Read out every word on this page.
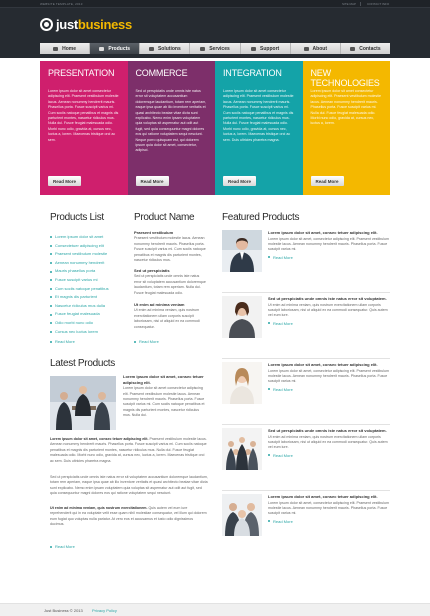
WEBSITE TEMPLATE, 2013	SITE MAP	CONTACT INFO
justbusiness
Home	Products	Solutions	Services	Support	About	Contacts
PRESENTATION

Lorem ipsum dolor sit amet consectetur adipiscing elit. Praesent vestibulum molestie lacus. Aenean nonummy hendrerit mauris. Phasellus porta. Fusce suscipit varius mi. Cum sociis natoque penatibus et magnis dis parturient montes, nascetur ridiculus mus. Nulla dui. Fusce feugiat malesuada odio. Morbi nunc odio, gravida at, cursus nec, luctus a, lorem. Maecenas tristique orci ac sem.

Read More
COMMERCE

Sed ut perspiciatis unde omnis iste natus error sit voluptatem accusantium doloremque laudantium, totam rem aperiam, eaque ipsa quae ab illo inventore veritatis et quasi architecto beatae vitae dicta sunt explicabo. Nemo enim ipsam voluptatem quia voluptas sit aspernatur aut odit aut fugit, sed quia consequuntur magni dolores eos qui ratione voluptatem sequi nesciunt. Neque porro quisquam est, qui dolorem ipsum quia dolor sit amet, consectetur, adipisci.

Read More
INTEGRATION

Lorem ipsum dolor sit amet consectetur adipiscing elit. Praesent vestibulum molestie lacus. Aenean nonummy hendrerit mauris. Phasellus porta. Fusce suscipit varius mi. Cum sociis natoque penatibus et magnis dis parturient montes, nascetur ridiculus mus. Nulla dui. Fusce feugiat malesuada odio. Morbi nunc odio, gravida at, cursus nec, luctus a, lorem. Maecenas tristique orci ac sem. Duis ultricies pharetra magna.

Read More
NEW TECHNOLOGIES

Lorem ipsum dolor sit amet consectetur adipiscing elit. Praesent vestibulum molestie lacus. Aenean nonummy hendrerit mauris. Phasellus porta. Fusce suscipit varius mi. Nulla dui. Fusce feugiat malesuada odio. Morbi nunc odio, gravida at, cursus nec, luctus a, lorem.

Read More
Products List
Lorem ipsum dolor sit amet
Consectetuer adipiscing elit
Praesent vestibulum molestie
Aenean nonummy hendrerit
Mauris phasellus porta
Fusce suscipit varius mi
Cum sociis natoque penatibus
Et magnis dis parturient
Nascetur ridiculus mus dulla
Fusce feugiat malesuada
Odio morbi nunc odio
Cursus nec luctus lorem
Read More
Product Name
Praesent vestibulum
Praesent vestibulum molestie lacus. Aenean nonummy hendrerit mauris. Phasellus porta. Fusce suscipit varius mi. Cum sociis natoque penatibus et magnis dis parturient montes, nascetur ridiculus mus.
Sed ut perspiciatis
Sed ut perspiciatis unde omnis iste natus error sit voluptatem accusantium doloremque laudantium, totam rem aperiam. Nulla dui. Fusce feugiat malesuada odio.
Ut enim ad minima veniam
Ut enim ad minima veniam, quis nostrum exercitationem ullam corporis suscipit laboriosam, nisi ut aliquid ex ea commodi consequatur.
Read More
Featured Products
Lorem ipsum dolor sit amet, consec tetuer adipiscing elit.
Lorem ipsum dolor sit amet, consectetur adipiscing elit. Praesent vestibulum molestie lacus. Aenean nonummy hendrerit mauris. Phasellus porta. Fusce suscipit varius mi.
Read More
Sed ut perspiciatis unde omnis iste natus error sit voluptatem.
Ut enim ad minima veniam, quis nostrum exercitationem ullam corporis suscipit laboriosam, nisi ut aliquid ex ea commodi consequatur. Quis autem vel eum iure.
Read More
Lorem ipsum dolor sit amet, consec tetuer adipiscing elit.
Lorem ipsum dolor sit amet, consectetur adipiscing elit. Praesent vestibulum molestie lacus. Aenean nonummy hendrerit mauris. Phasellus porta. Fusce suscipit varius mi.
Read More
Sed ut perspiciatis unde omnis iste natus error sit voluptatem.
Ut enim ad minima veniam, quis nostrum exercitationem ullam corporis suscipit laboriosam, nisi ut aliquid ex ea commodi consequatur. Quis autem vel eum iure.
Read More
Lorem ipsum dolor sit amet, consec tetuer adipiscing elit.
Lorem ipsum dolor sit amet, consectetur adipiscing elit. Praesent vestibulum molestie lacus. Aenean nonummy hendrerit mauris. Phasellus porta. Fusce suscipit varius mi.
Read More
Latest Products
Lorem ipsum dolor sit amet, consec tetuer adipiscing elit.
Lorem ipsum dolor sit amet consectetur adipiscing elit. Praesent vestibulum molestie lacus. Aenean nonummy hendrerit mauris. Phasellus porta. Fusce suscipit varius mi. Cum sociis natoque penatibus et magnis dis parturient montes, nascetur ridiculus mus. Nulla dui.
Lorem ipsum dolor sit amet, consec tetuer adipiscing elit. Praesent vestibulum molestie lacus. Aenean nonummy hendrerit mauris. Phasellus porta. Fusce suscipit varius mi. Cum sociis natoque penatibus et magnis dis parturient montes, nascetur ridiculus mus. Nulla dui. Fusce feugiat malesuada odio. Morbi nunc odio, gravida at, cursus nec, luctus a, lorem. Maecenas tristique orci ac sem. Duis ultricies pharetra magna.
Sed ut perspiciatis unde omnis iste natus error sit voluptatem accusantium doloremque laudantium, totam rem aperiam, eaque ipsa quae ab illo inventore veritatis et quasi architecto beatae vitae dicta sunt explicabo. Nemo enim ipsam voluptatem quia voluptas sit aspernatur aut odit aut fugit, sed quia consequuntur magni dolores eos qui ratione voluptatem sequi nesciunt.
Ut enim ad minima veniam, quis nostrum exercitationem. Quis autem vel eum iure reprehenderit qui in ea voluptate velit esse quam nihil molestiae consequatur, vel illum qui dolorem eum fugiat quo voluptas nulla pariatur. At vero eos et accusamus et iusto odio dignissimos ducimus.
Read More
Just Business © 2013 Privacy Policy
